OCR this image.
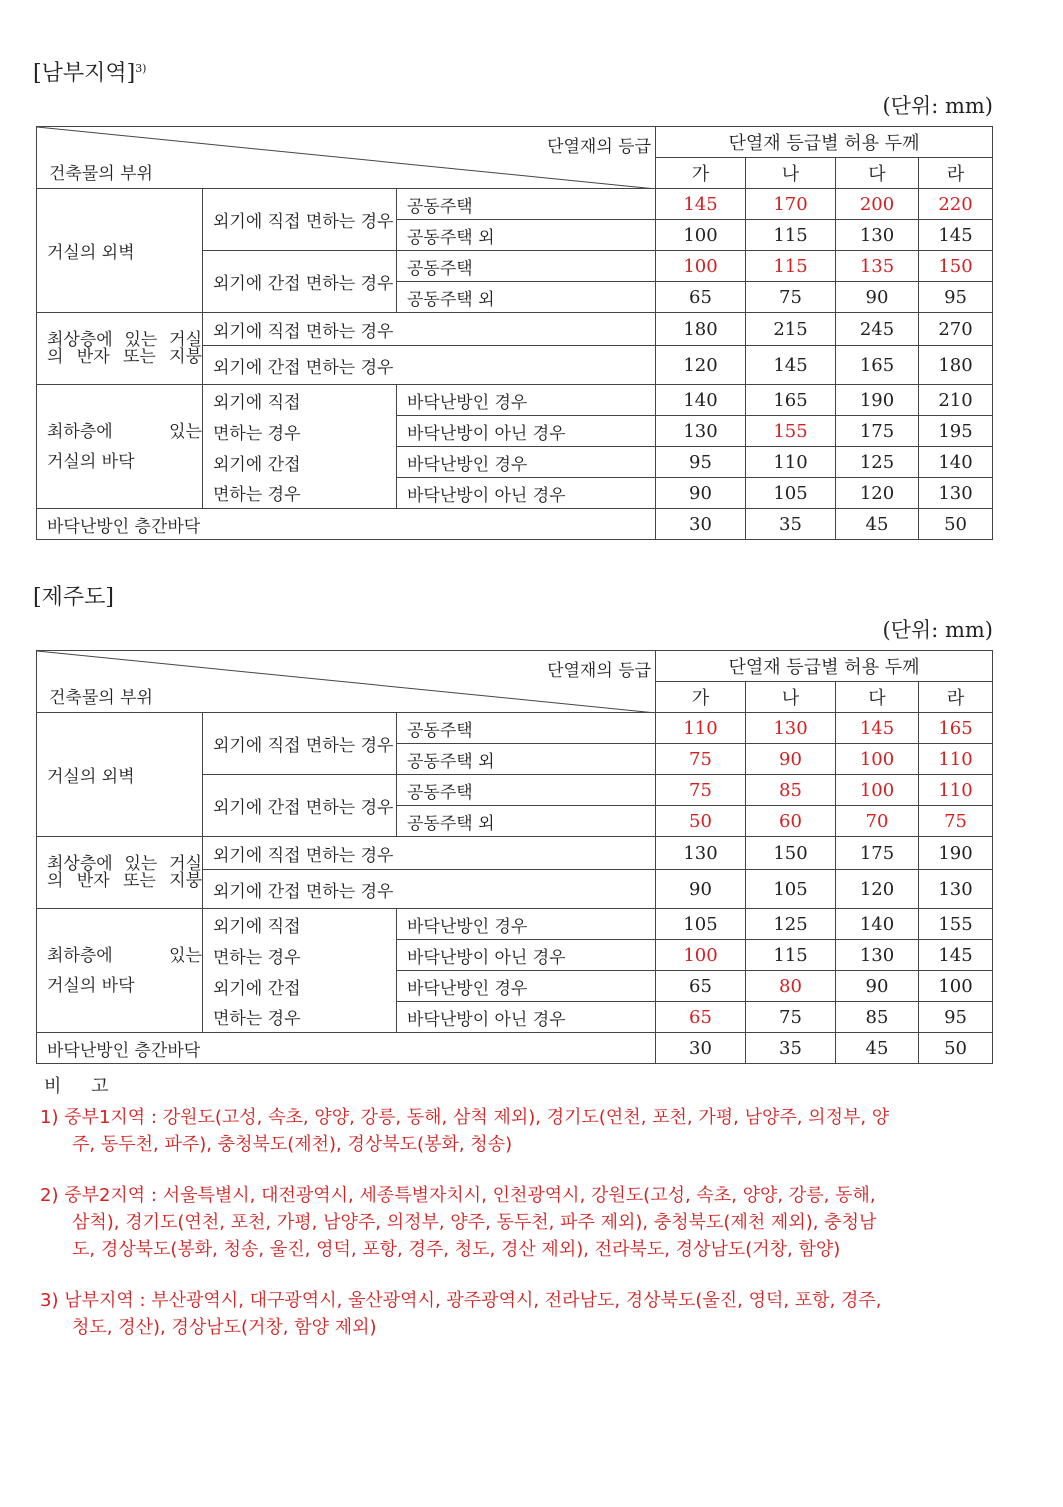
[남부지역]$^{3)}$
(단위: mm)
단열재의 등급
건축물의 부위			단열재 등급별 허용 두께			
			가	나	다	라
거실의 외벽	외기에 직접 면하는 경우	공동주택	145	170	200	220
		공동주택 외	100	115	130	145
	외기에 간접 면하는 경우	공동주택	100	115	135	150
		공동주택 외	65	75	90	95
최상층에 있는 거실의 반자 또는 지붕	외기에 직접 면하는 경우		180	215	245	270
	외기에 간접 면하는 경우		120	145	165	180

최하층에 있는
거실의 바닥	외기에 직접	바닥난방인 경우	140	165	190	210
	면하는 경우	바닥난방이 아닌 경우	130	155	175	195
	외기에 간접	바닥난방인 경우	95	110	125	140
	면하는 경우	바닥난방이 아닌 경우	90	105	120	130
바닥난방인 층간바닥			30	35	45	50
[제주도]
(단위: mm)
단열재의 등급
건축물의 부위			단열재 등급별 허용 두께			
			가	나	다	라
거실의 외벽	외기에 직접 면하는 경우	공동주택	110	130	145	165
		공동주택 외	75	90	100	110
	외기에 간접 면하는 경우	공동주택	75	85	100	110
		공동주택 외	50	60	70	75
최상층에 있는 거실의 반자 또는 지붕	외기에 직접 면하는 경우		130	150	175	190
	외기에 간접 면하는 경우		90	105	120	130

최하층에 있는
거실의 바닥	외기에 직접	바닥난방인 경우	105	125	140	155
	면하는 경우	바닥난방이 아닌 경우	100	115	130	145
	외기에 간접	바닥난방인 경우	65	80	90	100
	면하는 경우	바닥난방이 아닌 경우	65	75	85	95
바닥난방인 층간바닥			30	35	45	50
비 고
1) 중부1지역 : 강원도(고성, 속초, 양양, 강릉, 동해, 삼척 제외), 경기도(연천, 포천, 가평, 남양주, 의정부, 양주, 동두천, 파주), 충청북도(제천), 경상북도(봉화, 청송)
2) 중부2지역 : 서울특별시, 대전광역시, 세종특별자치시, 인천광역시, 강원도(고성, 속초, 양양, 강릉, 동해, 삼척), 경기도(연천, 포천, 가평, 남양주, 의정부, 양주, 동두천, 파주 제외), 충청북도(제천 제외), 충청남도, 경상북도(봉화, 청송, 울진, 영덕, 포항, 경주, 청도, 경산 제외), 전라북도, 경상남도(거창, 함양)
3) 남부지역 : 부산광역시, 대구광역시, 울산광역시, 광주광역시, 전라남도, 경상북도(울진, 영덕, 포항, 경주, 청도, 경산), 경상남도(거창, 함양 제외)
